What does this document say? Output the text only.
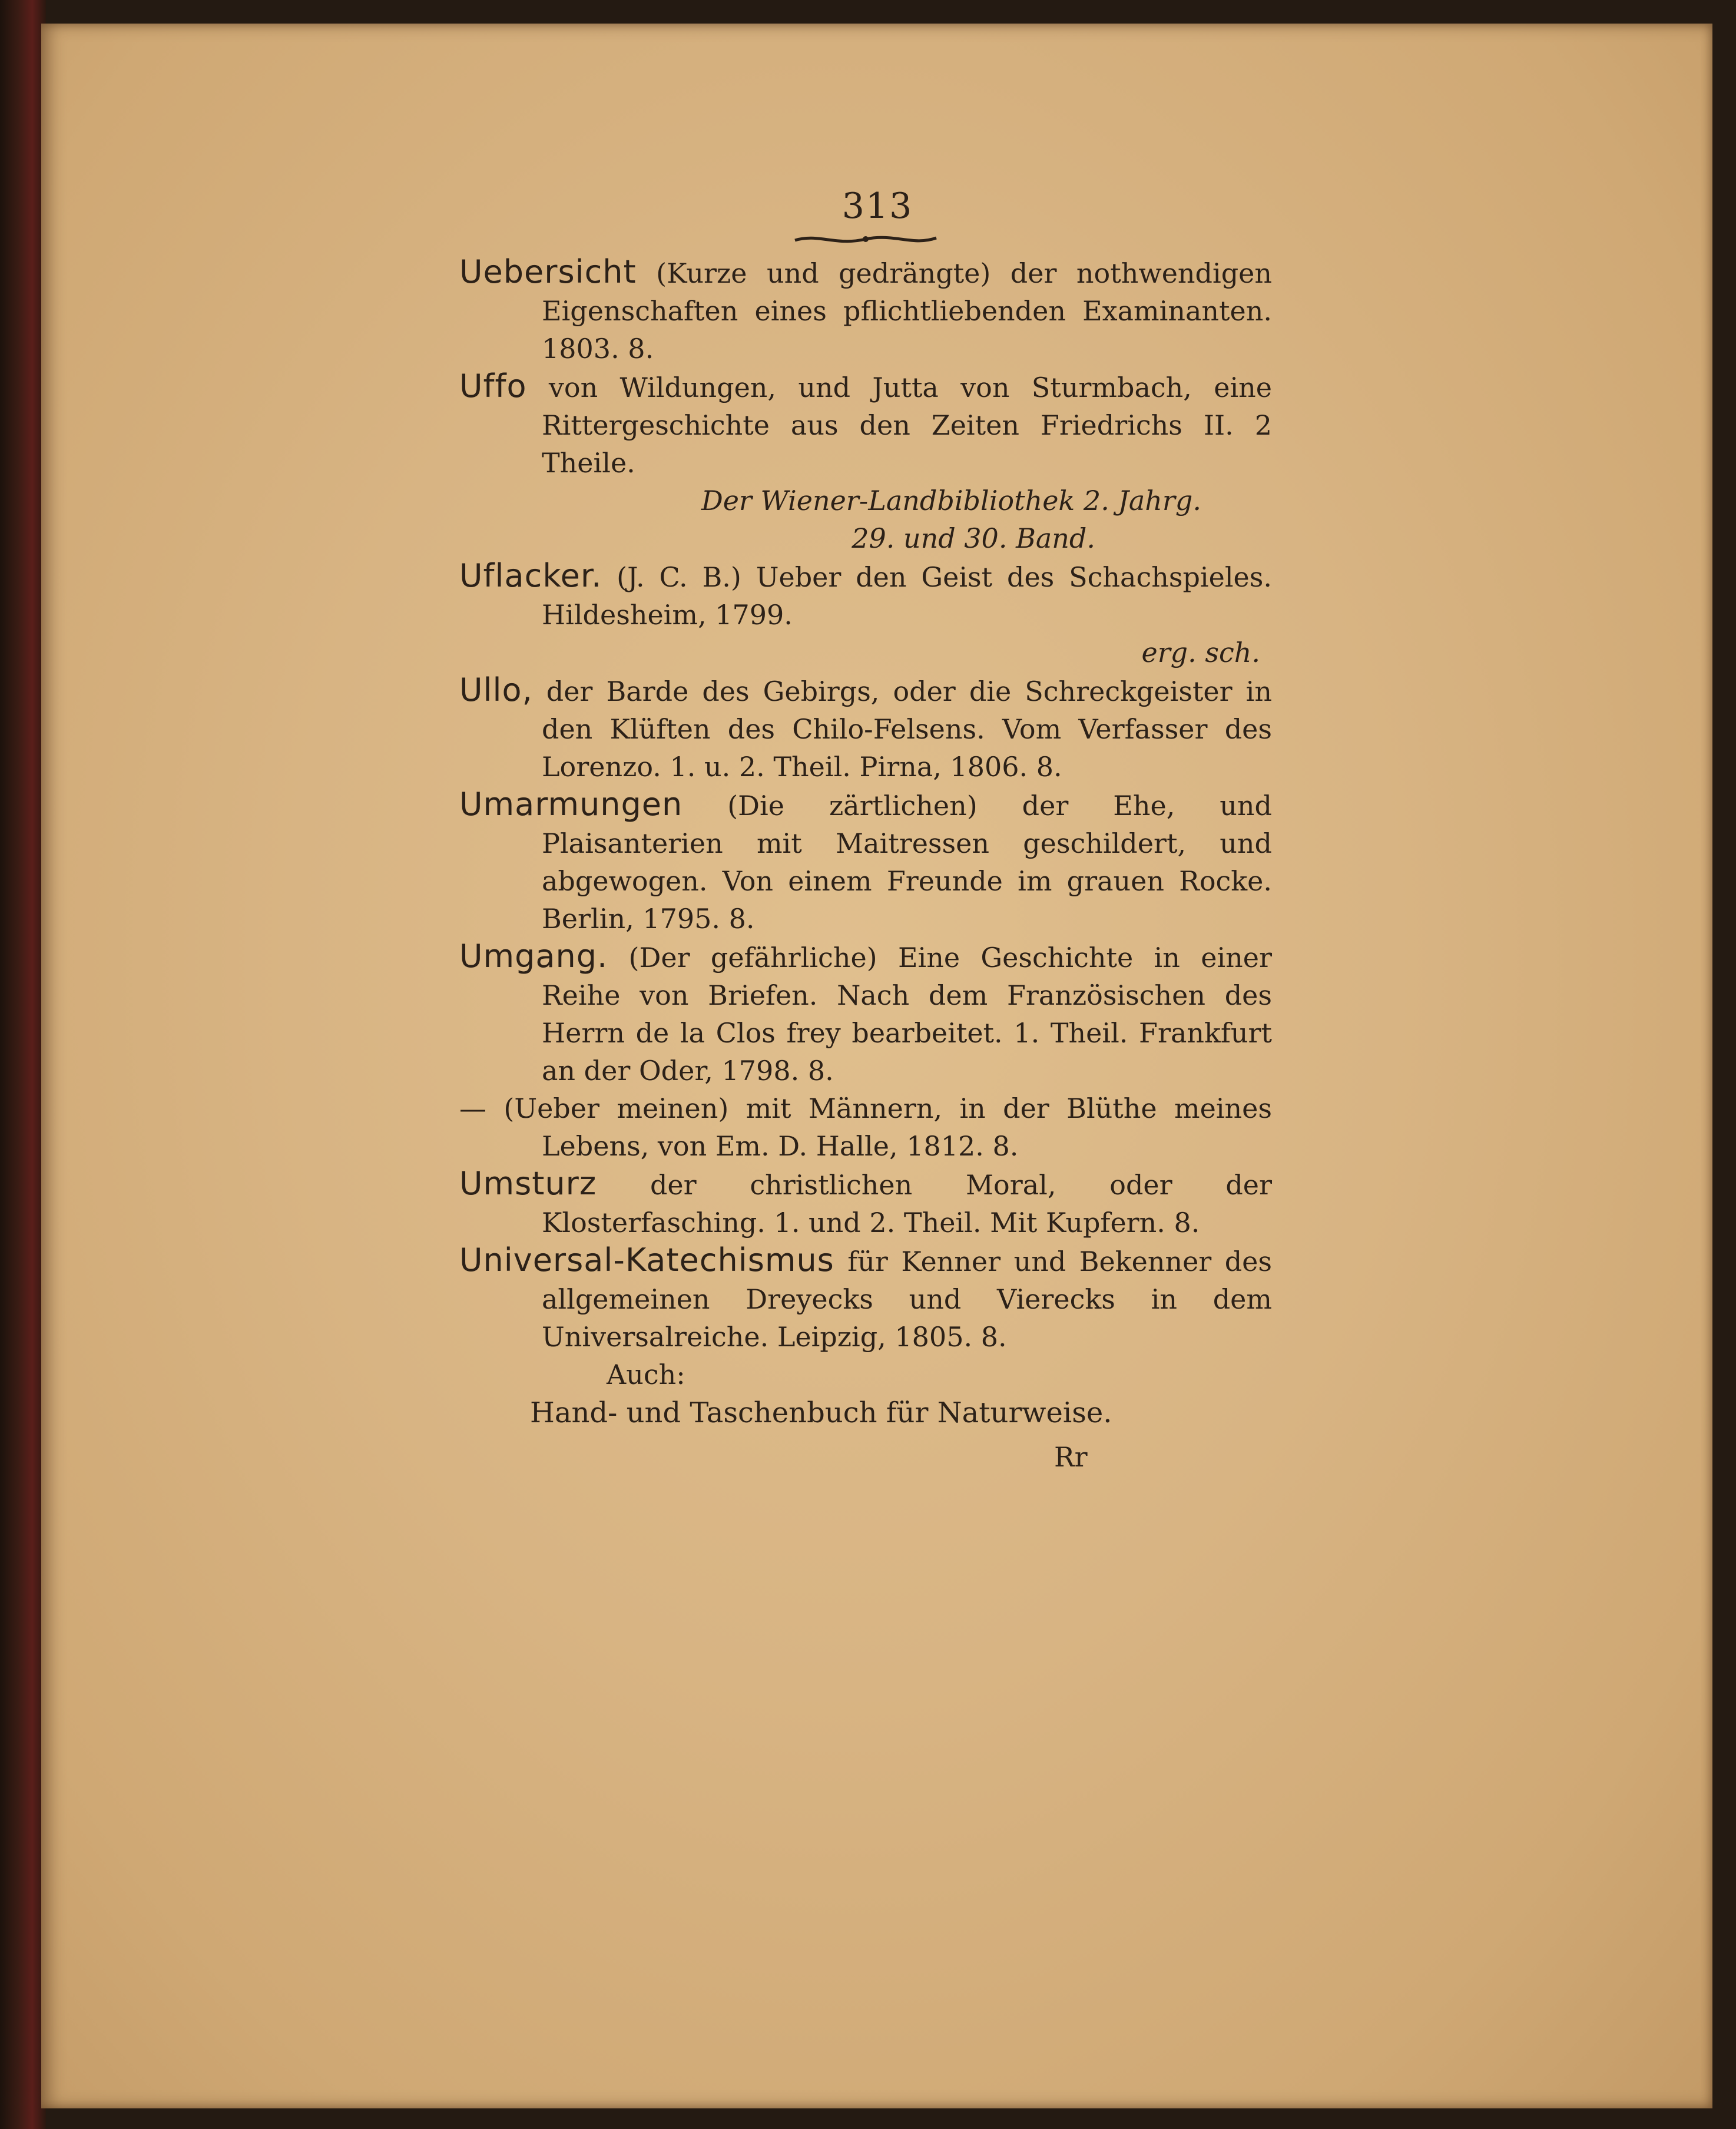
313

Uebersicht (Kurze und gedrängte) der nothwendigen Eigenschaften eines pflichtliebenden Examinanten. 1803. 8.

Uffo von Wildungen, und Jutta von Sturmbach, eine Rittergeschichte aus den Zeiten Friedrichs II. 2 Theile.

Der Wiener-Landbibliothek 2. Jahrg.

29. und 30. Band.

Uflacker. (J. C. B.) Ueber den Geist des Schachspieles. Hildesheim, 1799.

erg. sch.

Ullo, der Barde des Gebirgs, oder die Schreckgeister in den Klüften des Chilo-Felsens. Vom Verfasser des Lorenzo. 1. u. 2. Theil. Pirna, 1806. 8.

Umarmungen (Die zärtlichen) der Ehe, und Plaisanterien mit Maitressen geschildert, und abgewogen. Von einem Freunde im grauen Rocke. Berlin, 1795. 8.

Umgang. (Der gefährliche) Eine Geschichte in einer Reihe von Briefen. Nach dem Französischen des Herrn de la Clos frey bearbeitet. 1. Theil. Frankfurt an der Oder, 1798. 8.

— (Ueber meinen) mit Männern, in der Blüthe meines Lebens, von Em. D. Halle, 1812. 8.

Umsturz der christlichen Moral, oder der Klosterfasching. 1. und 2. Theil. Mit Kupfern. 8.

Universal-Katechismus für Kenner und Bekenner des allgemeinen Dreyecks und Vierecks in dem Universalreiche. Leipzig, 1805. 8.

Auch:

Hand- und Taschenbuch für Naturweise.

Rr
